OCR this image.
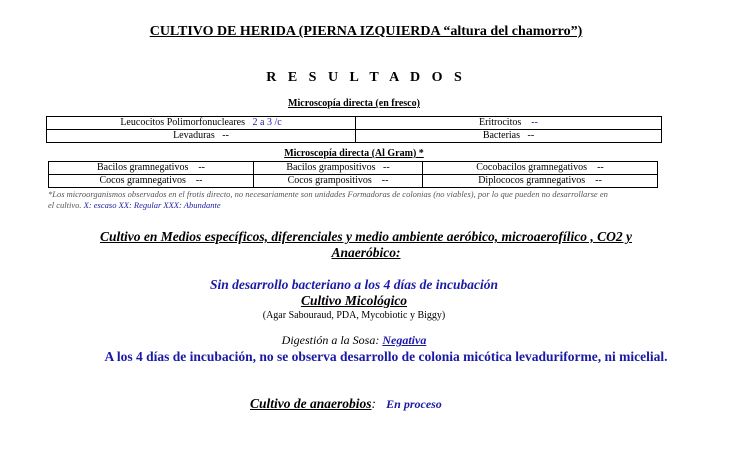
CULTIVO DE HERIDA (PIERNA IZQUIERDA “altura del chamorro”)
R E S U L T A D O S
Microscopía directa (en fresco)
Leucocitos Polimorfonucleares 2 a 3 /c	Eritrocitos --
Levaduras --	Bacterias --
Microscopía directa (Al Gram) *
Bacilos gramnegativos --	Bacilos grampositivos --	Cocobacilos gramnegativos --
Cocos gramnegativos --	Cocos grampositivos --	Diplococos gramnegativos --
*Los microorganismos observados en el frotis directo, no necesariamente son unidades Formadoras de colonias (no viables), por lo que pueden no desarrollarse en el cultivo. X: escaso XX: Regular XXX: Abundante
Cultivo en Medios específicos, diferenciales y medio ambiente aeróbico, microaerofílico , CO2 y
Anaeróbico:
Sin desarrollo bacteriano a los 4 días de incubación
Cultivo Micológico
(Agar Sabouraud, PDA, Mycobiotic y Biggy)
Digestión a la Sosa: Negativa
A los 4 días de incubación, no se observa desarrollo de colonia micótica levaduriforme, ni micelial.
Cultivo de anaerobios: En proceso
